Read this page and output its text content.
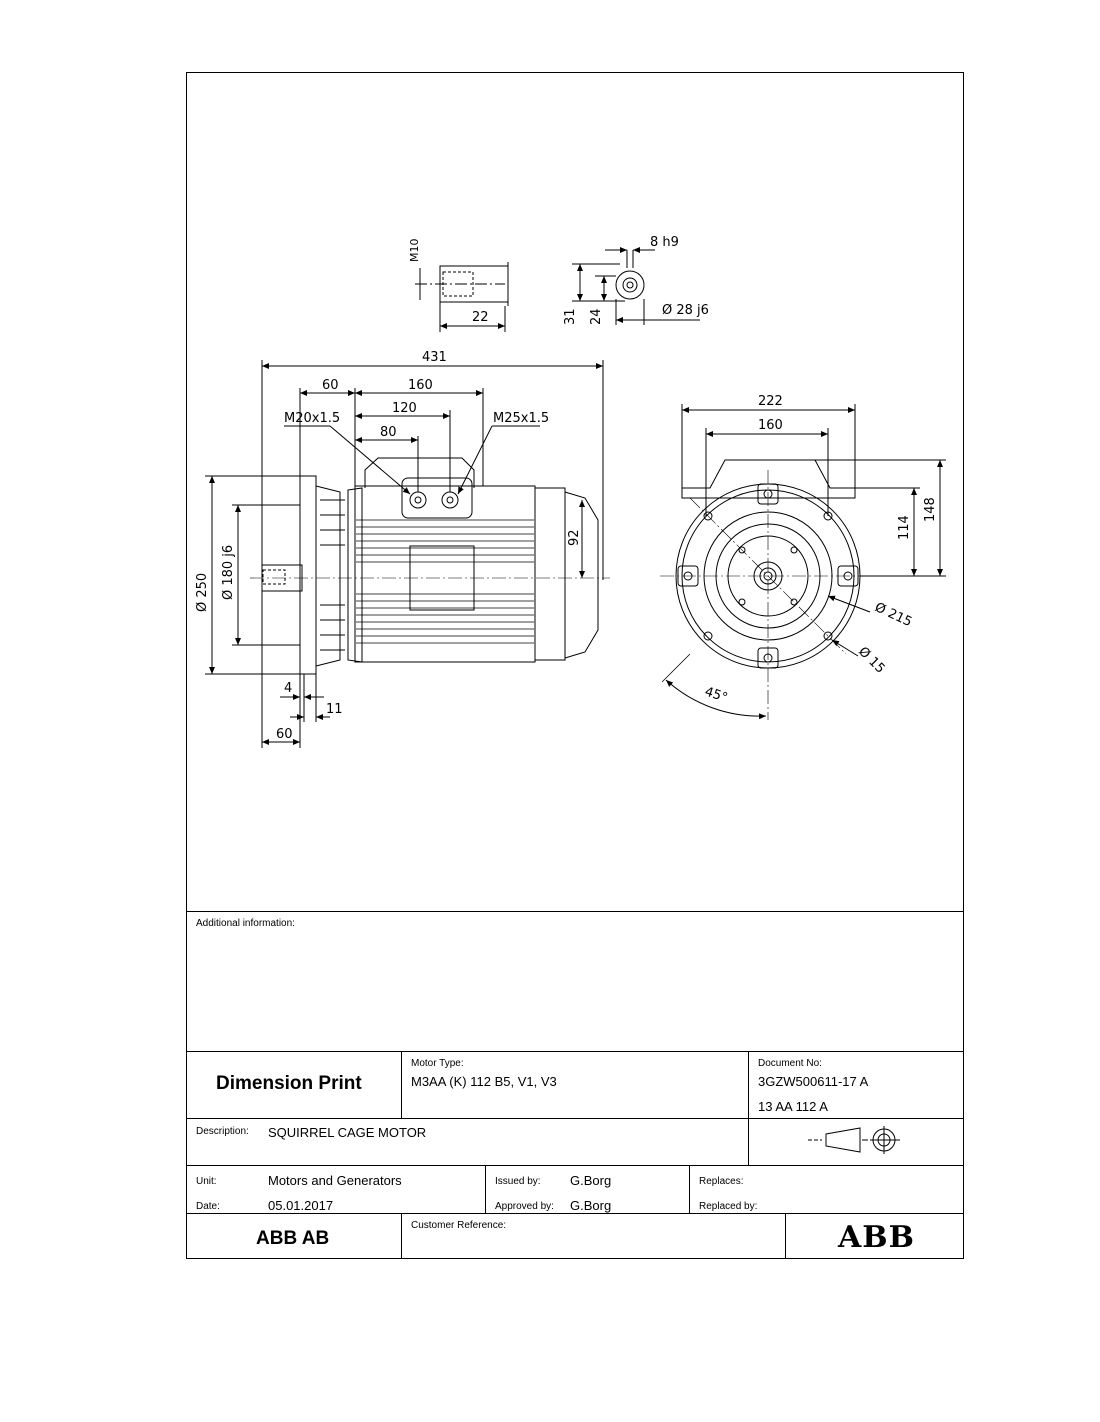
M10
22
8 h9
31 24	Ø 28 j6
431
60	160
120
80
M20x1.5	M25x1.5
Ø 250 Ø 180 j6
92
4
11
60
222
160
114
148
Ø 215
Ø 15
45°
Additional information:
Dimension Print
Motor Type:
M3AA (K) 112 B5, V1, V3
Document No:
3GZW500611-17 A
13 AA 112 A
Description: SQUIRREL CAGE MOTOR
Unit:	Motors and Generators	Issued by: G.Borg	Replaces:
Date:	05.01.2017	Approved by: G.Borg	Replaced by:
ABB AB
Customer Reference:	ABB
